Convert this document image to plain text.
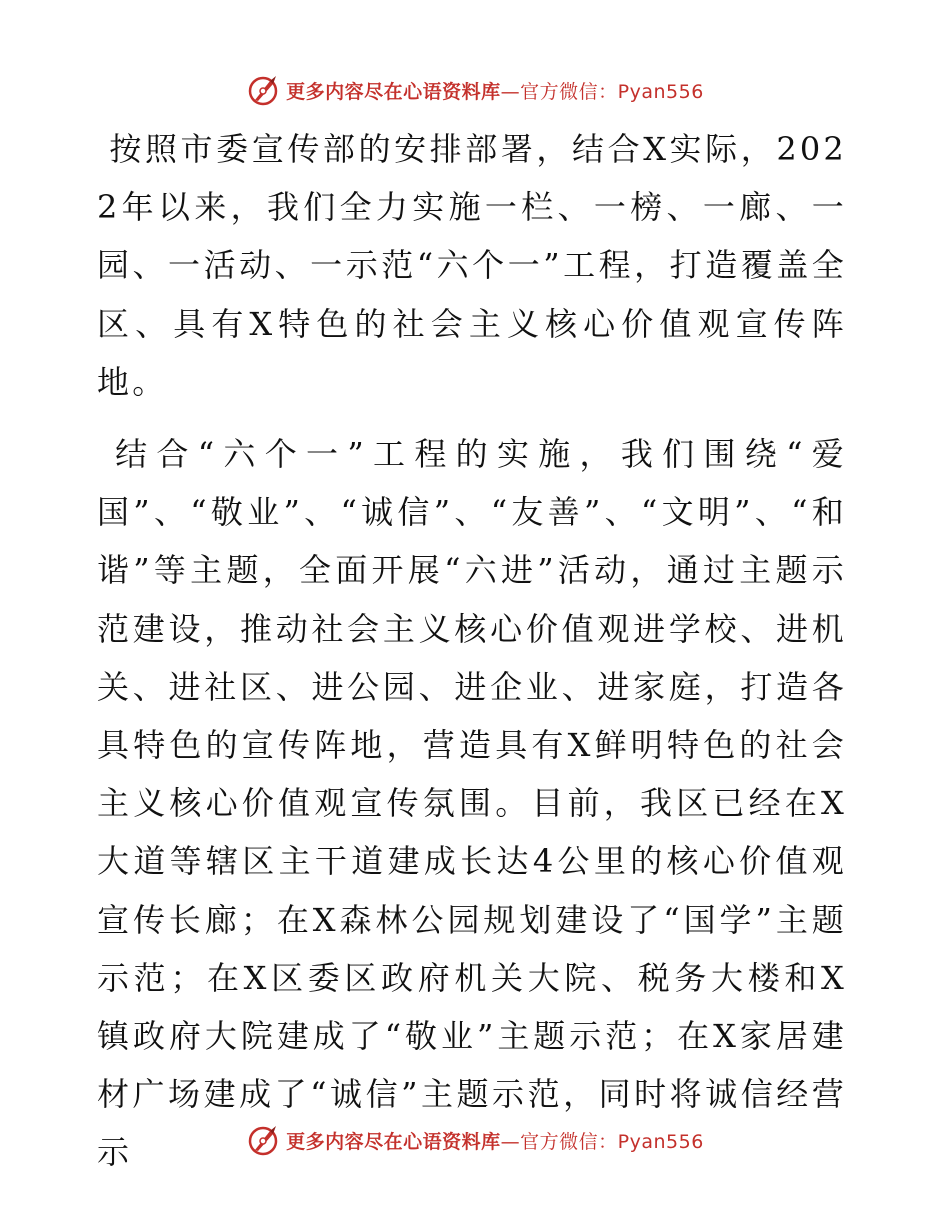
更多内容尽在心语资料库—官方微信：Pyan556

按照市委宣传部的安排部署，结合X实际，2022年以来，我们全力实施一栏、一榜、一廊、一园、一活动、一示范“六个一”工程，打造覆盖全区、具有X特色的社会主义核心价值观宣传阵地。

结合“六个一”工程的实施，我们围绕“爱国”、“敬业”、“诚信”、“友善”、“文明”、“和谐”等主题，全面开展“六进”活动，通过主题示范建设，推动社会主义核心价值观进学校、进机关、进社区、进公园、进企业、进家庭，打造各具特色的宣传阵地，营造具有X鲜明特色的社会主义核心价值观宣传氛围。目前，我区已经在X大道等辖区主干道建成长达4公里的核心价值观宣传长廊；在X森林公园规划建设了“国学”主题示范；在X区委区政府机关大院、税务大楼和X镇政府大院建成了“敬业”主题示范；在X家居建材广场建成了“诚信”主题示范，同时将诚信经营示	更多内容尽在心语资料库—官方微信：Pyan556
